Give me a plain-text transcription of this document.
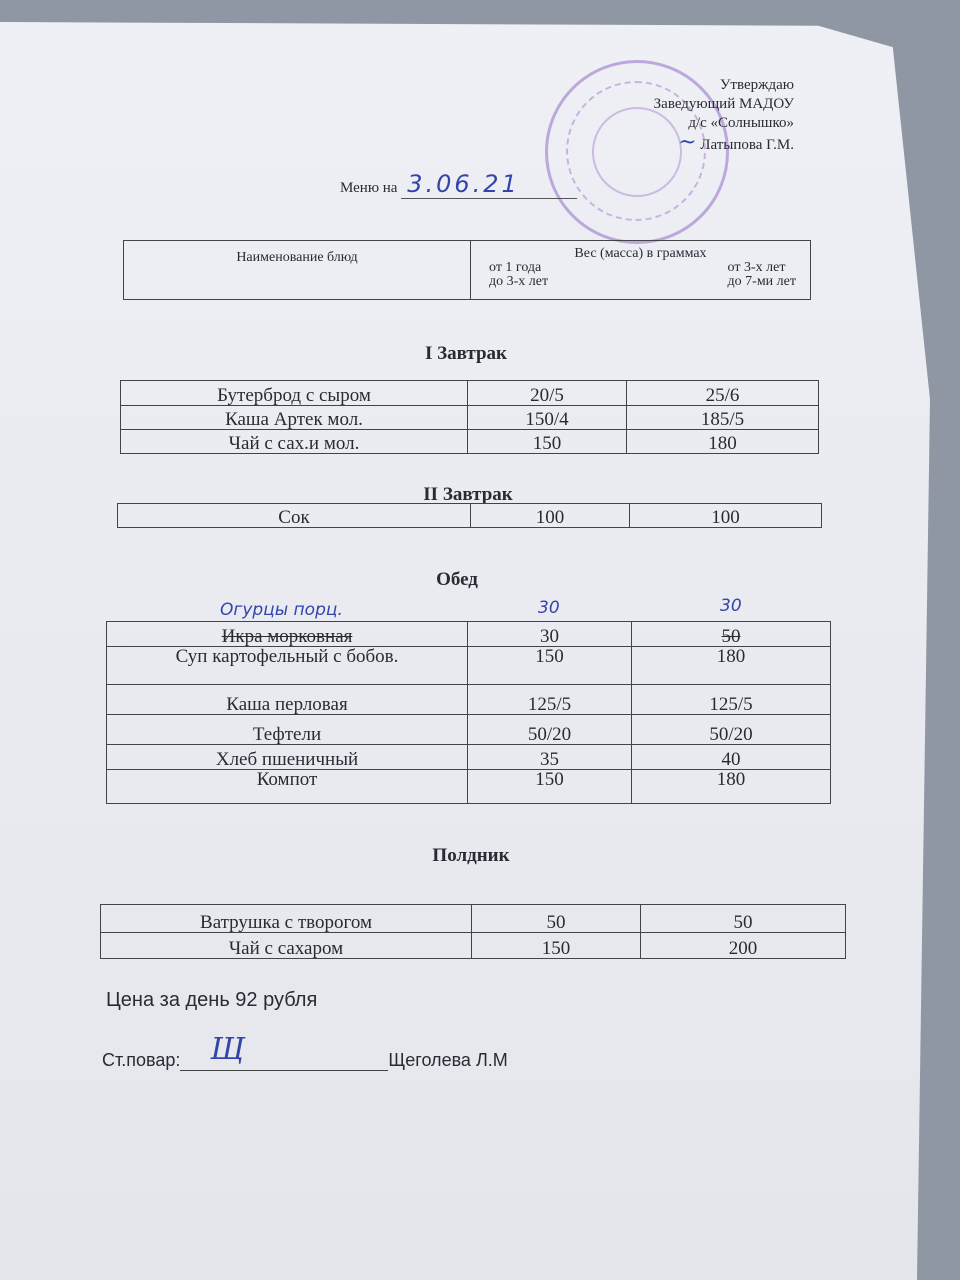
Утверждаю
Заведующий МАДОУ
д/с «Солнышко»
~ Латыпова Г.М.
Меню на 3.06.21
Наименование блюд	Вес (масса) в граммах
от 1 года
до 3-х лет
от 3-х лет
до 7-ми лет
I Завтрак
Бутерброд с сыром	20/5	25/6
Каша Артек мол.	150/4	185/5
Чай с сах.и мол.	150	180
II Завтрак
Сок	100	100
Обед
Огурцы порц.	30	30
Икра морковная	30	50
Суп картофельный с бобов.	150	180
Каша перловая	125/5	125/5
Тефтели	50/20	50/20
Хлеб пшеничный	35	40
Компот	150	180
Полдник
Ватрушка с творогом	50	50
Чай с сахаром	150	200
Цена за день 92 рубля
Ст.повар: Щ	Щеголева Л.М
